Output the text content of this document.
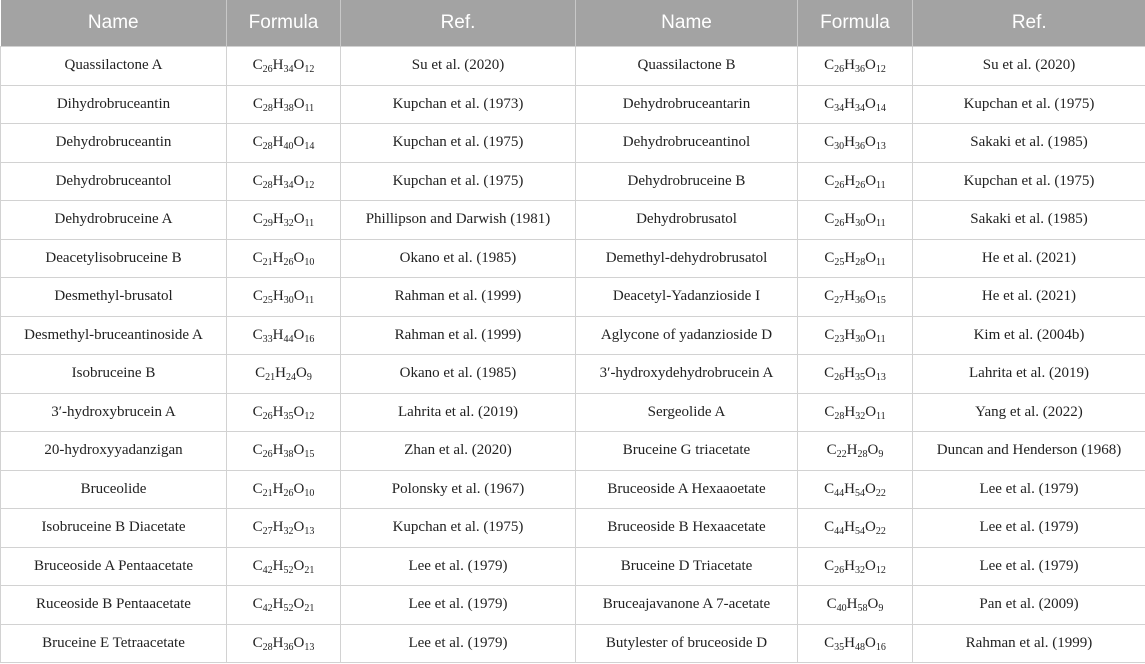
Name	Formula	Ref.	Name	Formula	Ref.
Quassilactone A	$C_{26}H_{34}O_{12}$	Su et al. (2020)	Quassilactone B	$C_{26}H_{36}O_{12}$	Su et al. (2020)
Dihydrobruceantin	$C_{28}H_{38}O_{11}$	Kupchan et al. (1973)	Dehydrobruceantarin	$C_{34}H_{34}O_{14}$	Kupchan et al. (1975)
Dehydrobruceantin	$C_{28}H_{40}O_{14}$	Kupchan et al. (1975)	Dehydrobruceantinol	$C_{30}H_{36}O_{13}$	Sakaki et al. (1985)
Dehydrobruceantol	$C_{28}H_{34}O_{12}$	Kupchan et al. (1975)	Dehydrobruceine B	$C_{26}H_{26}O_{11}$	Kupchan et al. (1975)
Dehydrobruceine A	$C_{29}H_{32}O_{11}$	Phillipson and Darwish (1981)	Dehydrobrusatol	$C_{26}H_{30}O_{11}$	Sakaki et al. (1985)
Deacetylisobruceine B	$C_{21}H_{26}O_{10}$	Okano et al. (1985)	Demethyl-dehydrobrusatol	$C_{25}H_{28}O_{11}$	He et al. (2021)
Desmethyl-brusatol	$C_{25}H_{30}O_{11}$	Rahman et al. (1999)	Deacetyl-Yadanzioside I	$C_{27}H_{36}O_{15}$	He et al. (2021)
Desmethyl-bruceantinoside A	$C_{33}H_{44}O_{16}$	Rahman et al. (1999)	Aglycone of yadanzioside D	$C_{23}H_{30}O_{11}$	Kim et al. (2004b)
Isobruceine B	$C_{21}H_{24}O_9$	Okano et al. (1985)	3′-hydroxydehydrobrucein A	$C_{26}H_{35}O_{13}$	Lahrita et al. (2019)
3′-hydroxybrucein A	$C_{26}H_{35}O_{12}$	Lahrita et al. (2019)	Sergeolide A	$C_{28}H_{32}O_{11}$	Yang et al. (2022)
20-hydroxyyadanzigan	$C_{26}H_{38}O_{15}$	Zhan et al. (2020)	Bruceine G triacetate	$C_{22}H_{28}O_9$	Duncan and Henderson (1968)
Bruceolide	$C_{21}H_{26}O_{10}$	Polonsky et al. (1967)	Bruceoside A Hexaaoetate	$C_{44}H_{54}O_{22}$	Lee et al. (1979)
Isobruceine B Diacetate	$C_{27}H_{32}O_{13}$	Kupchan et al. (1975)	Bruceoside B Hexaacetate	$C_{44}H_{54}O_{22}$	Lee et al. (1979)
Bruceoside A Pentaacetate	$C_{42}H_{52}O_{21}$	Lee et al. (1979)	Bruceine D Triacetate	$C_{26}H_{32}O_{12}$	Lee et al. (1979)
Ruceoside B Pentaacetate	$C_{42}H_{52}O_{21}$	Lee et al. (1979)	Bruceajavanone A 7-acetate	$C_{40}H_{58}O_9$	Pan et al. (2009)
Bruceine E Tetraacetate	$C_{28}H_{36}O_{13}$	Lee et al. (1979)	Butylester of bruceoside D	$C_{35}H_{48}O_{16}$	Rahman et al. (1999)
